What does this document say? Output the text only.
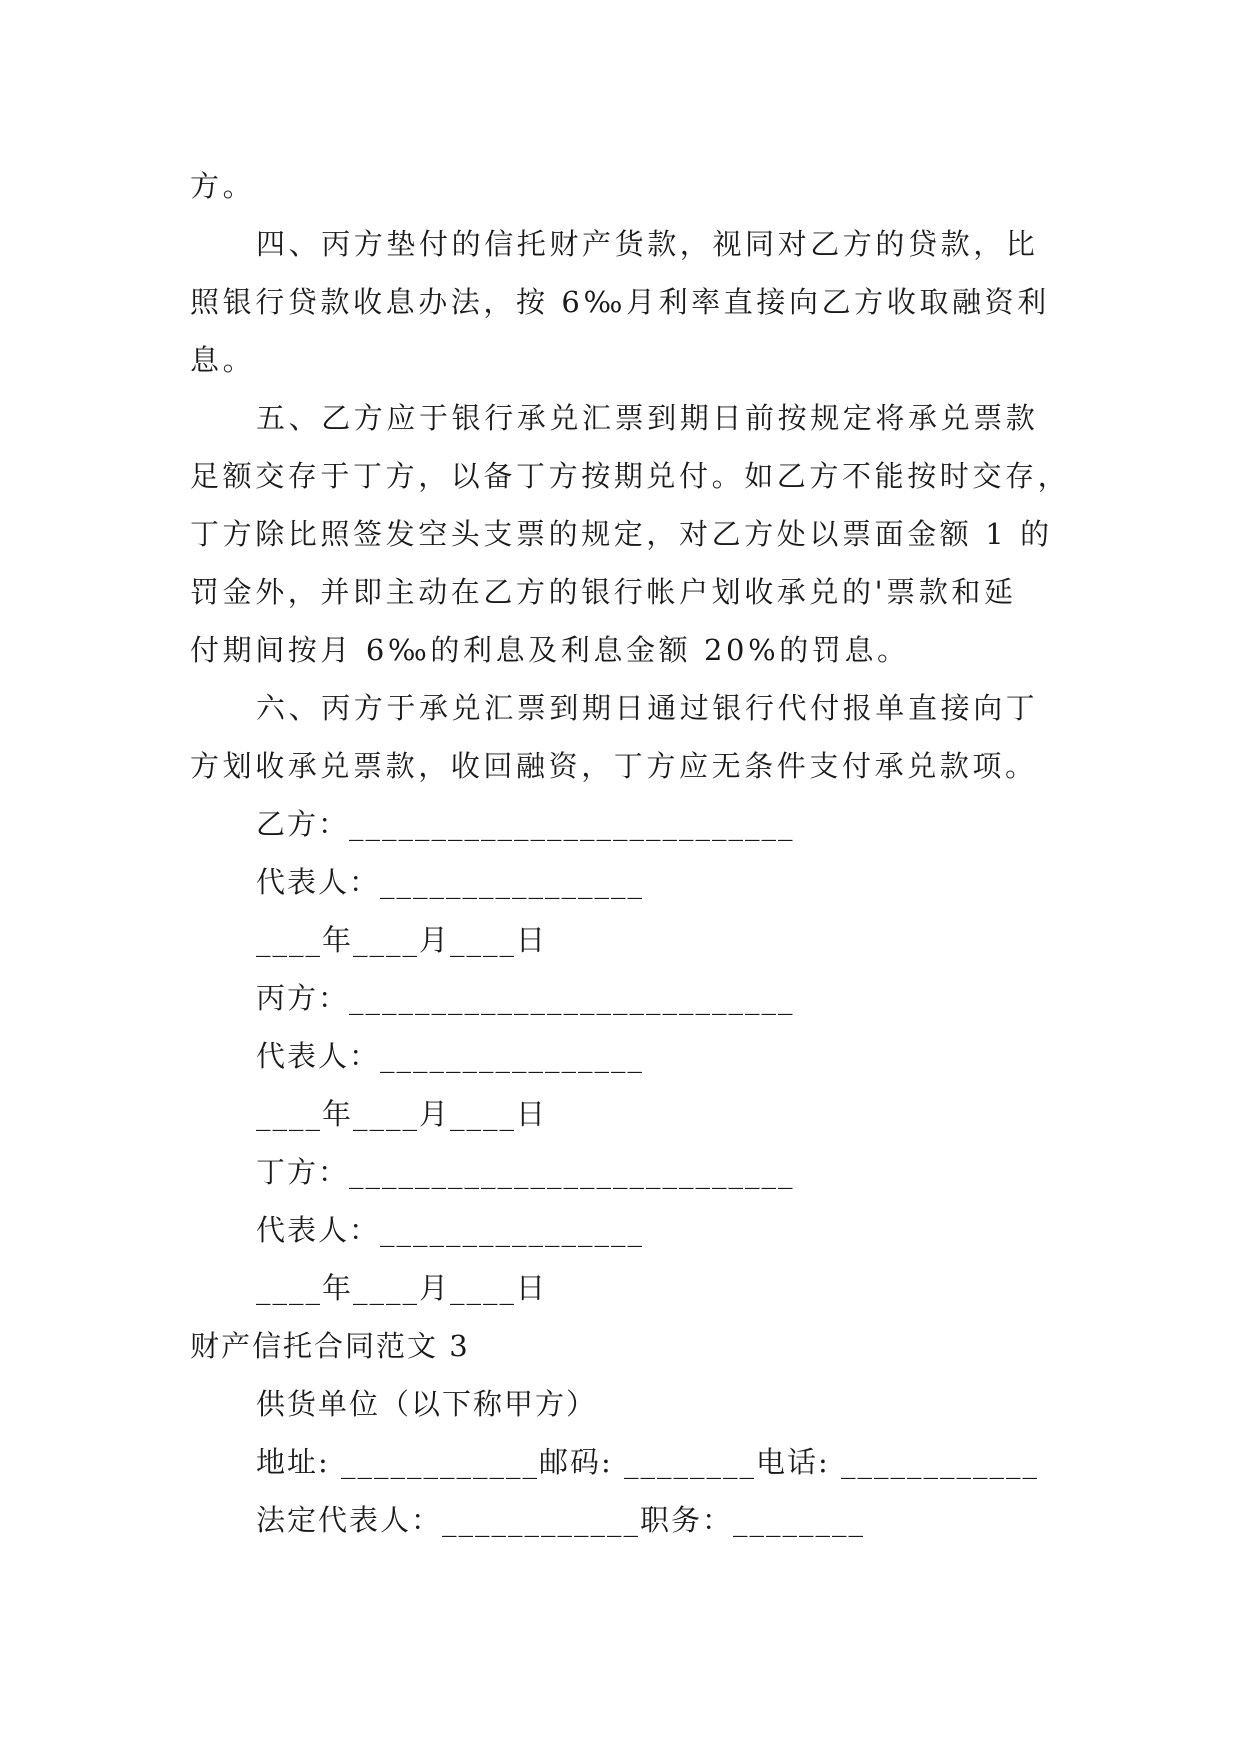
方。
四、丙方垫付的信托财产货款，视同对乙方的贷款，比
照银行贷款收息办法，按 6‰月利率直接向乙方收取融资利
息。
五、乙方应于银行承兑汇票到期日前按规定将承兑票款
足额交存于丁方，以备丁方按期兑付。如乙方不能按时交存，
丁方除比照签发空头支票的规定，对乙方处以票面金额 1 的
罚金外，并即主动在乙方的银行帐户划收承兑的'票款和延
付期间按月 6‰的利息及利息金额 20%的罚息。
六、丙方于承兑汇票到期日通过银行代付报单直接向丁
方划收承兑票款，收回融资，丁方应无条件支付承兑款项。
乙方：___________________________
代表人：________________
____年____月____日
丙方：___________________________
代表人：________________
____年____月____日
丁方：___________________________
代表人：________________
____年____月____日
财产信托合同范文 3
供货单位（以下称甲方）
地址: ____________邮码: ________电话: ____________
法定代表人：____________职务：________
